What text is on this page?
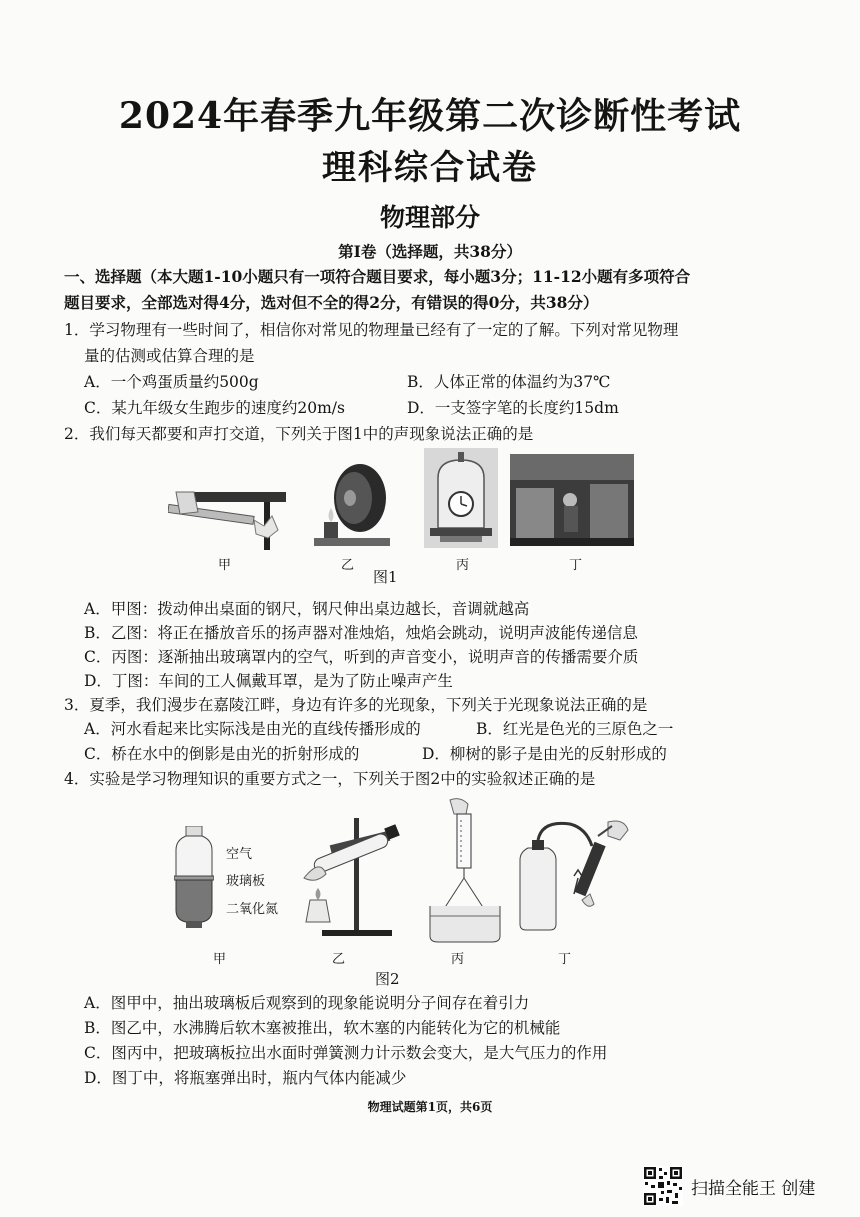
2024年春季九年级第二次诊断性考试
理科综合试卷
物理部分
第Ⅰ卷（选择题，共38分）
一、选择题（本大题1-10小题只有一项符合题目要求，每小题3分；11-12小题有多项符合
题目要求，全部选对得4分，选对但不全的得2分，有错误的得0分，共38分）
1．学习物理有一些时间了，相信你对常见的物理量已经有了一定的了解。下列对常见物理
量的估测或估算合理的是
A．一个鸡蛋质量约500g	B．人体正常的体温约为37℃
C．某九年级女生跑步的速度约20m/s	D．一支签字笔的长度约15dm
2．我们每天都要和声打交道，下列关于图1中的声现象说法正确的是
甲	乙	丙	丁
图1
A．甲图：拨动伸出桌面的钢尺，钢尺伸出桌边越长，音调就越高
B．乙图：将正在播放音乐的扬声器对准烛焰，烛焰会跳动，说明声波能传递信息
C．丙图：逐渐抽出玻璃罩内的空气，听到的声音变小，说明声音的传播需要介质
D．丁图：车间的工人佩戴耳罩，是为了防止噪声产生
3．夏季，我们漫步在嘉陵江畔，身边有许多的光现象，下列关于光现象说法正确的是
A．河水看起来比实际浅是由光的直线传播形成的	B．红光是色光的三原色之一
C．桥在水中的倒影是由光的折射形成的	D．柳树的影子是由光的反射形成的
4．实验是学习物理知识的重要方式之一，下列关于图2中的实验叙述正确的是
空气
玻璃板
二氧化氮
甲	乙	丙	丁
图2
A．图甲中，抽出玻璃板后观察到的现象能说明分子间存在着引力
B．图乙中，水沸腾后软木塞被推出，软木塞的内能转化为它的机械能
C．图丙中，把玻璃板拉出水面时弹簧测力计示数会变大，是大气压力的作用
D．图丁中，将瓶塞弹出时，瓶内气体内能减少
物理试题第1页，共6页
扫描全能王 创建
